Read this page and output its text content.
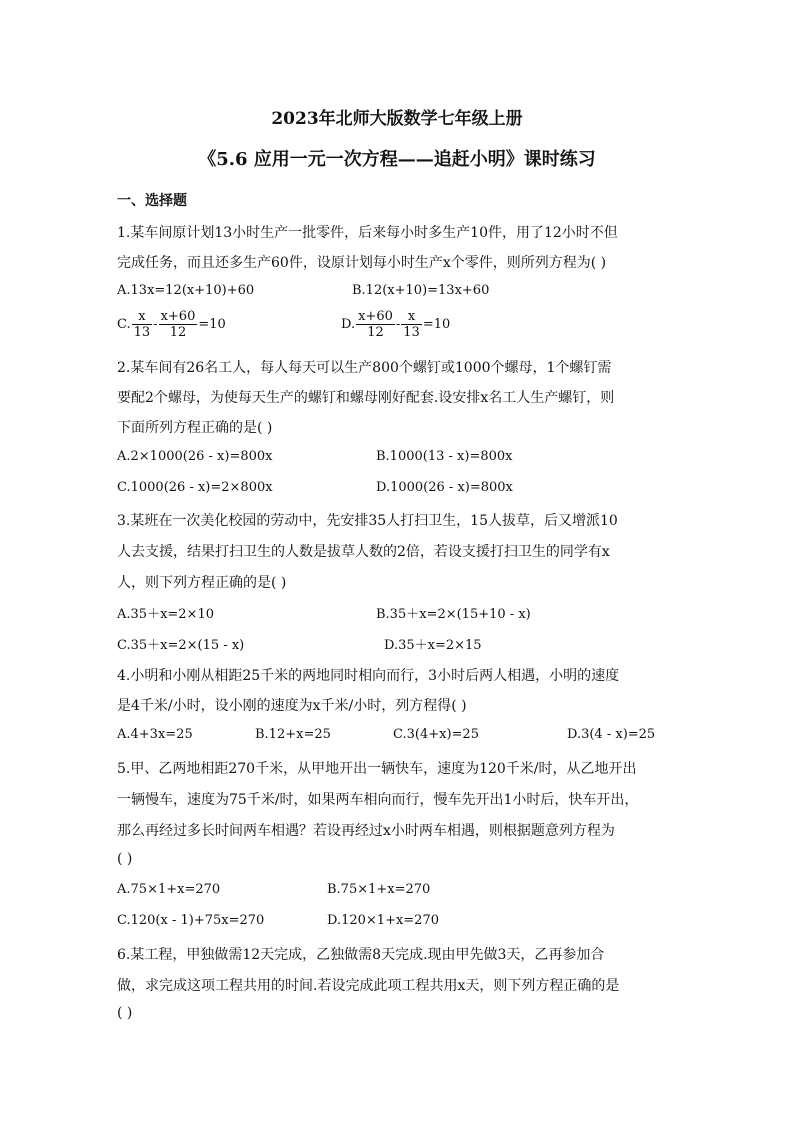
2023年北师大版数学七年级上册
《5.6 应用一元一次方程——追赶小明》课时练习
一、选择题
1.某车间原计划13小时生产一批零件，后来每小时多生产10件，用了12小时不但
完成任务，而且还多生产60件，设原计划每小时生产x个零件，则所列方程为( )
A.13x=12(x+10)+60	B.12(x+10)=13x+60
C. $\frac{x}{13} - \frac{x+60}{12} =10$	D. $\frac{x+60}{12} - \frac{x}{13} =10$
2.某车间有26名工人，每人每天可以生产800个螺钉或1000个螺母，1个螺钉需
要配2个螺母，为使每天生产的螺钉和螺母刚好配套.设安排x名工人生产螺钉，则
下面所列方程正确的是( )
A.2×1000(26 - x)=800x	B.1000(13 - x)=800x
C.1000(26 - x)=2×800x	D.1000(26 - x)=800x
3.某班在一次美化校园的劳动中，先安排35人打扫卫生，15人拔草，后又增派10
人去支援，结果打扫卫生的人数是拔草人数的2倍，若设支援打扫卫生的同学有x
人，则下列方程正确的是( )
A.35＋x=2×10	B.35＋x=2×(15+10 - x)
C.35＋x=2×(15 - x)	D.35＋x=2×15
4.小明和小刚从相距25千米的两地同时相向而行，3小时后两人相遇，小明的速度
是4千米/小时，设小刚的速度为x千米/小时，列方程得( )
A.4+3x=25	B.12+x=25	C.3(4+x)=25	D.3(4 - x)=25
5.甲、乙两地相距270千米，从甲地开出一辆快车，速度为120千米/时，从乙地开出
一辆慢车，速度为75千米/时，如果两车相向而行，慢车先开出1小时后，快车开出，
那么再经过多长时间两车相遇？若设再经过x小时两车相遇，则根据题意列方程为
( )
A.75×1+x=270	B.75×1+x=270
C.120(x - 1)+75x=270	D.120×1+x=270
6.某工程，甲独做需12天完成，乙独做需8天完成.现由甲先做3天，乙再参加合
做，求完成这项工程共用的时间.若设完成此项工程共用x天，则下列方程正确的是
( )
